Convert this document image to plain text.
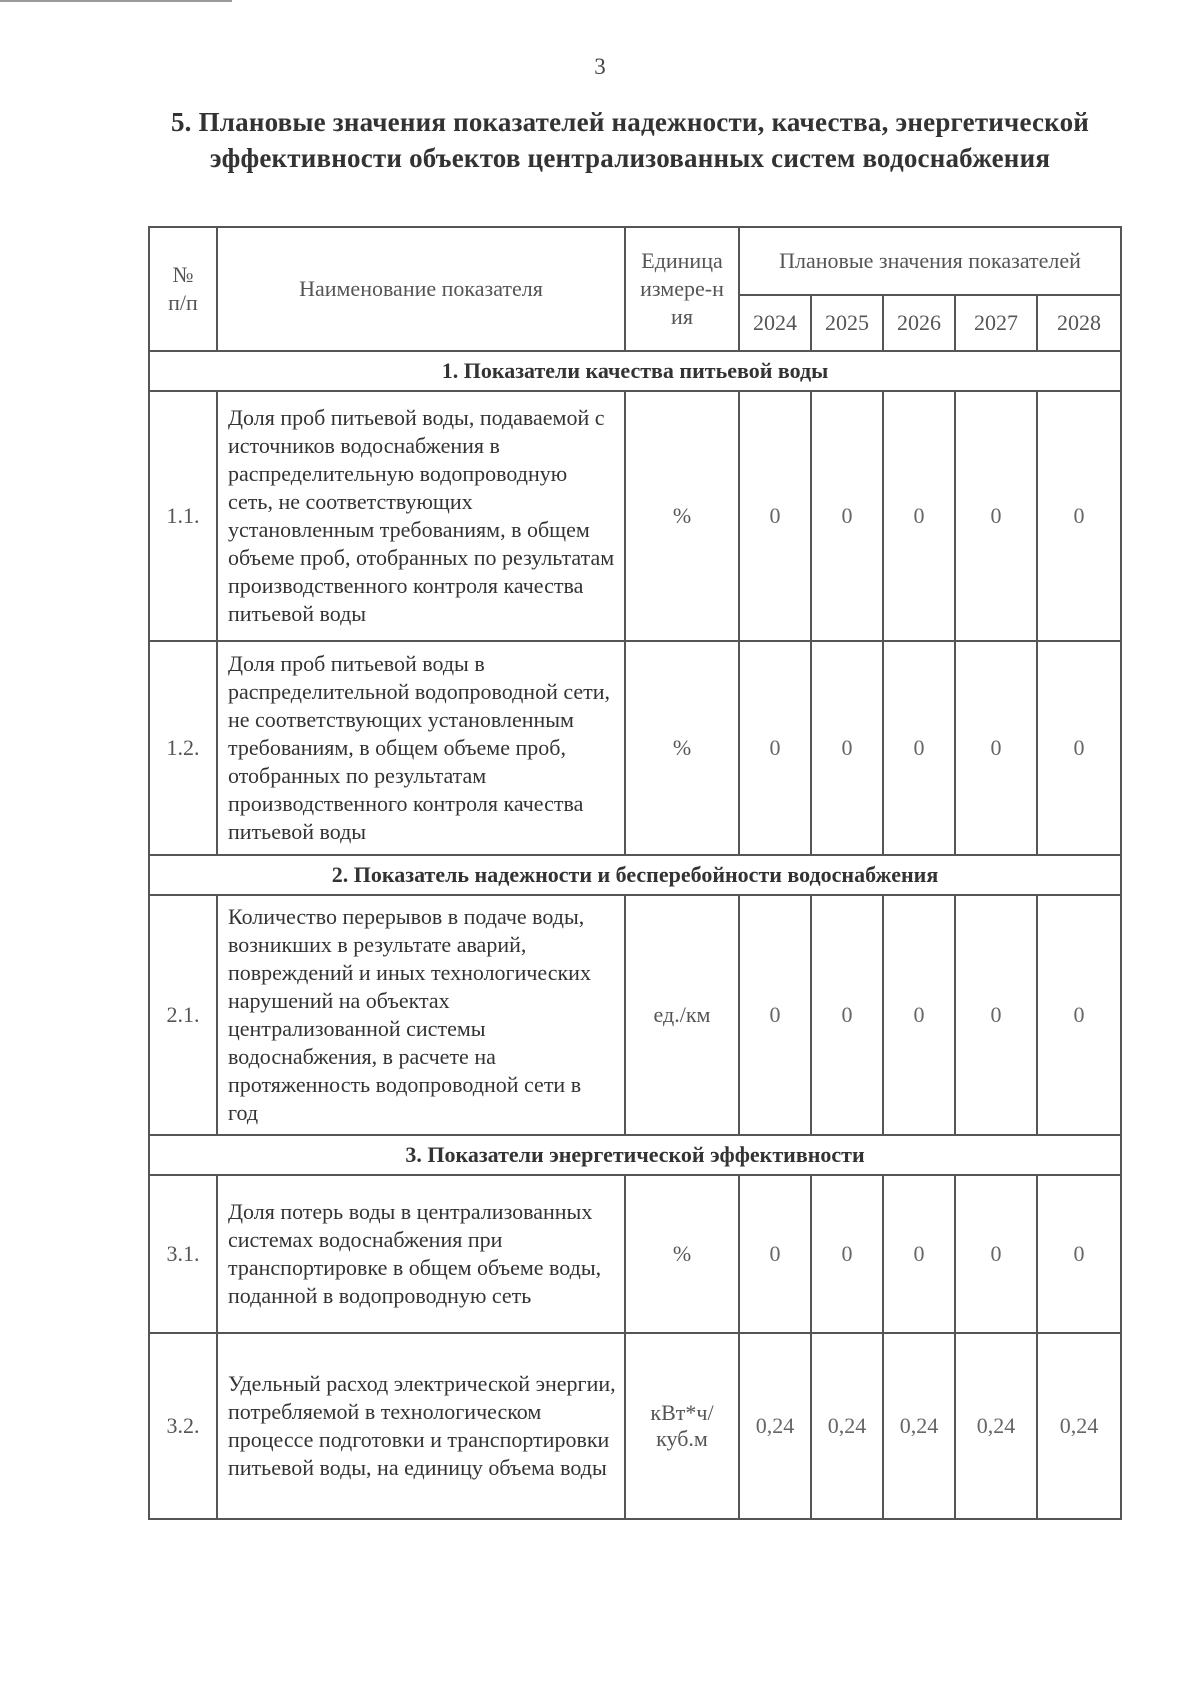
3
5. Плановые значения показателей надежности, качества, энергетической
эффективности объектов централизованных систем водоснабжения
№ п/п	Наименование показателя	Единица измере-ния	Плановые значения показателей				
			2024	2025	2026	2027	2028
1. Показатели качества питьевой воды							
1.1.	Доля проб питьевой воды, подаваемой с источников водоснабжения в распределительную водопроводную сеть, не соответствующих установленным требованиям, в общем объеме проб, отобранных по результатам производственного контроля качества питьевой воды	%	0	0	0	0	0
1.2.	Доля проб питьевой воды в распределительной водопроводной сети, не соответствующих установленным требованиям, в общем объеме проб, отобранных по результатам производственного контроля качества питьевой воды	%	0	0	0	0	0
2. Показатель надежности и бесперебойности водоснабжения							
2.1.	Количество перерывов в подаче воды, возникших в результате аварий, повреждений и иных технологических нарушений на объектах централизованной системы водоснабжения, в расчете на протяженность водопроводной сети в год	ед./км	0	0	0	0	0
3. Показатели энергетической эффективности							
3.1.	Доля потерь воды в централизованных системах водоснабжения при транспортировке в общем объеме воды, поданной в водопроводную сеть	%	0	0	0	0	0
3.2.	Удельный расход электрической энергии, потребляемой в технологическом процессе подготовки и транспортировки питьевой воды, на единицу объема воды	кВт*ч/ куб.м	0,24	0,24	0,24	0,24	0,24
